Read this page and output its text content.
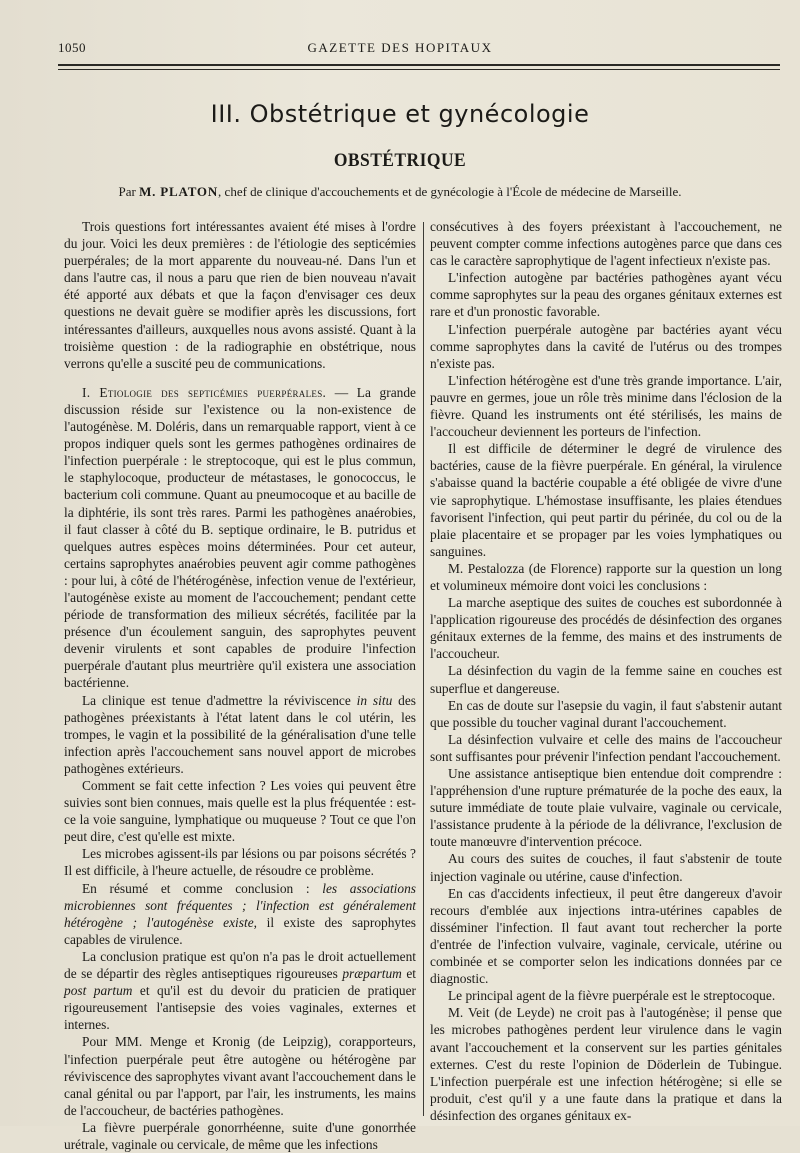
1050	GAZETTE DES HOPITAUX
III. Obstétrique et gynécologie
OBSTÉTRIQUE
Par M. PLATON, chef de clinique d'accouchements et de gynécologie à l'École de médecine de Marseille.

Trois questions fort intéressantes avaient été mises à l'ordre du jour. Voici les deux premières : de l'étiologie des septicémies puerpérales; de la mort apparente du nouveau-né. Dans l'un et dans l'autre cas, il nous a paru que rien de bien nouveau n'avait été apporté aux débats et que la façon d'envisager ces deux questions ne devait guère se modifier après les discussions, fort intéressantes d'ailleurs, auxquelles nous avons assisté. Quant à la troisième question : de la radiographie en obstétrique, nous verrons qu'elle a suscité peu de communications.

I. Etiologie des septicémies puerpérales. — La grande discussion réside sur l'existence ou la non-existence de l'autogénèse. M. Doléris, dans un remarquable rapport, vient à ce propos indiquer quels sont les germes pathogènes ordinaires de l'infection puerpérale : le streptocoque, qui est le plus commun, le staphylocoque, producteur de métastases, le gonococcus, le bacterium coli commune. Quant au pneumocoque et au bacille de la diphtérie, ils sont très rares. Parmi les pathogènes anaérobies, il faut classer à côté du B. septique ordinaire, le B. putridus et quelques autres espèces moins déterminées. Pour cet auteur, certains saprophytes anaérobies peuvent agir comme pathogènes : pour lui, à côté de l'hétérogénèse, infection venue de l'extérieur, l'autogénèse existe au moment de l'accouchement; pendant cette période de transformation des milieux sécrétés, facilitée par la présence d'un écoulement sanguin, des saprophytes peuvent devenir virulents et sont capables de produire l'infection puerpérale d'autant plus meurtrière qu'il existera une association bactérienne.

La clinique est tenue d'admettre la réviviscence in situ des pathogènes préexistants à l'état latent dans le col utérin, les trompes, le vagin et la possibilité de la généralisation d'une telle infection après l'accouchement sans nouvel apport de microbes pathogènes extérieurs.

Comment se fait cette infection ? Les voies qui peuvent être suivies sont bien connues, mais quelle est la plus fréquentée : est-ce la voie sanguine, lymphatique ou muqueuse ? Tout ce que l'on peut dire, c'est qu'elle est mixte.

Les microbes agissent-ils par lésions ou par poisons sécrétés ? Il est difficile, à l'heure actuelle, de résoudre ce problème.

En résumé et comme conclusion : les associations microbiennes sont fréquentes ; l'infection est généralement hétérogène ; l'autogénèse existe, il existe des saprophytes capables de virulence.

La conclusion pratique est qu'on n'a pas le droit actuellement de se départir des règles antiseptiques rigoureuses præpartum et post partum et qu'il est du devoir du praticien de pratiquer rigoureusement l'antisepsie des voies vaginales, externes et internes.

Pour MM. Menge et Kronig (de Leipzig), corapporteurs, l'infection puerpérale peut être autogène ou hétérogène par réviviscence des saprophytes vivant avant l'accouchement dans le canal génital ou par l'apport, par l'air, les instruments, les mains de l'accoucheur, de bactéries pathogènes.

La fièvre puerpérale gonorrhéenne, suite d'une gonorrhée urétrale, vaginale ou cervicale, de même que les infections

consécutives à des foyers préexistant à l'accouchement, ne peuvent compter comme infections autogènes parce que dans ces cas le caractère saprophytique de l'agent infectieux n'existe pas.

L'infection autogène par bactéries pathogènes ayant vécu comme saprophytes sur la peau des organes génitaux externes est rare et d'un pronostic favorable.

L'infection puerpérale autogène par bactéries ayant vécu comme saprophytes dans la cavité de l'utérus ou des trompes n'existe pas.

L'infection hétérogène est d'une très grande importance. L'air, pauvre en germes, joue un rôle très minime dans l'éclosion de la fièvre. Quand les instruments ont été stérilisés, les mains de l'accoucheur deviennent les porteurs de l'infection.

Il est difficile de déterminer le degré de virulence des bactéries, cause de la fièvre puerpérale. En général, la virulence s'abaisse quand la bactérie coupable a été obligée de vivre d'une vie saprophytique. L'hémostase insuffisante, les plaies étendues favorisent l'infection, qui peut partir du périnée, du col ou de la plaie placentaire et se propager par les voies lymphatiques ou sanguines.

M. Pestalozza (de Florence) rapporte sur la question un long et volumineux mémoire dont voici les conclusions :

La marche aseptique des suites de couches est subordonnée à l'application rigoureuse des procédés de désinfection des organes génitaux externes de la femme, des mains et des instruments de l'accoucheur.

La désinfection du vagin de la femme saine en couches est superflue et dangereuse.

En cas de doute sur l'asepsie du vagin, il faut s'abstenir autant que possible du toucher vaginal durant l'accouchement.

La désinfection vulvaire et celle des mains de l'accoucheur sont suffisantes pour prévenir l'infection pendant l'accouchement.

Une assistance antiseptique bien entendue doit comprendre : l'appréhension d'une rupture prématurée de la poche des eaux, la suture immédiate de toute plaie vulvaire, vaginale ou cervicale, l'assistance prudente à la période de la délivrance, l'exclusion de toute manœuvre d'intervention précoce.

Au cours des suites de couches, il faut s'abstenir de toute injection vaginale ou utérine, cause d'infection.

En cas d'accidents infectieux, il peut être dangereux d'avoir recours d'emblée aux injections intra-utérines capables de disséminer l'infection. Il faut avant tout rechercher la porte d'entrée de l'infection vulvaire, vaginale, cervicale, utérine ou combinée et se comporter selon les indications données par ce diagnostic.

Le principal agent de la fièvre puerpérale est le streptocoque.

M. Veit (de Leyde) ne croit pas à l'autogénèse; il pense que les microbes pathogènes perdent leur virulence dans le vagin avant l'accouchement et la conservent sur les parties génitales externes. C'est du reste l'opinion de Döderlein de Tubingue. L'infection puerpérale est une infection hétérogène; si elle se produit, c'est qu'il y a une faute dans la pratique et dans la désinfection des organes génitaux ex-
